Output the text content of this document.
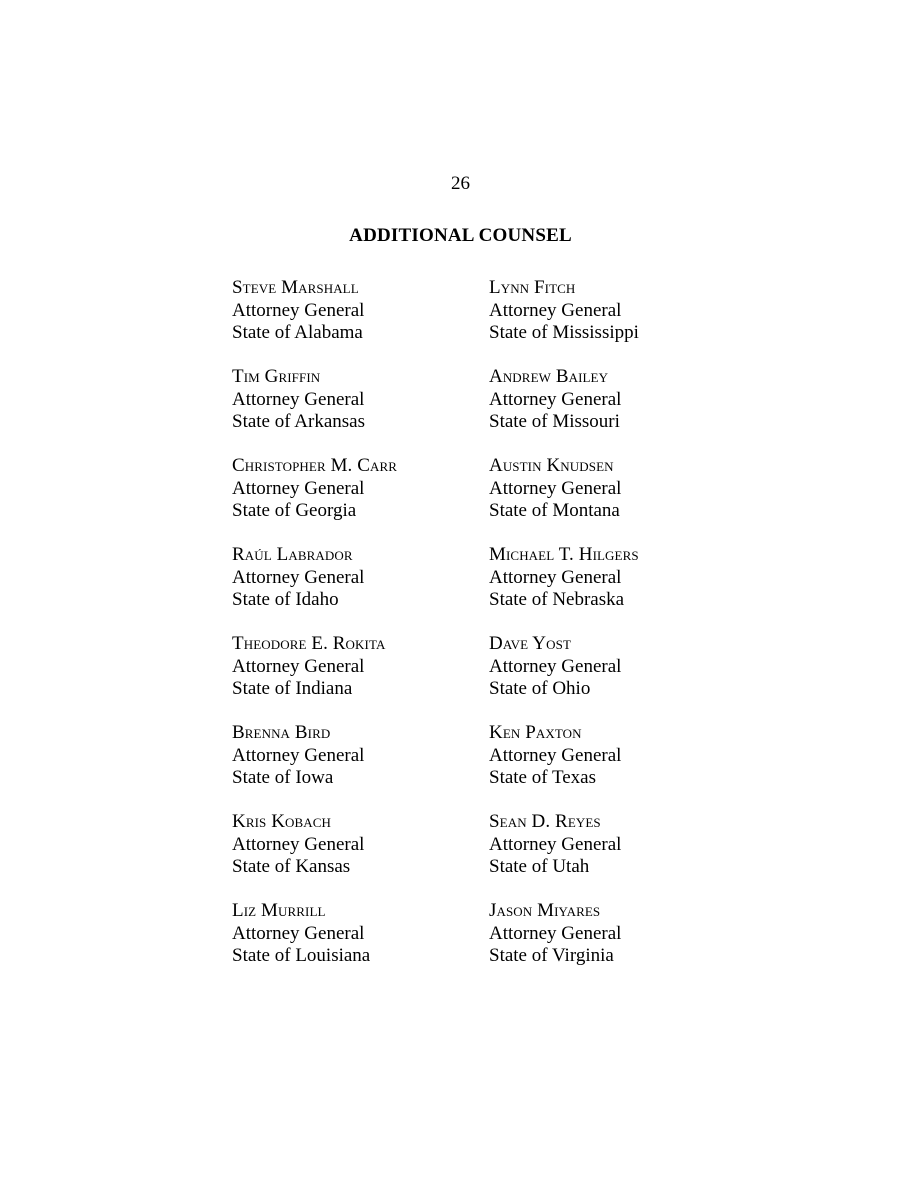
26
ADDITIONAL COUNSEL
Steve Marshall
Attorney General
State of Alabama
Tim Griffin
Attorney General
State of Arkansas
Christopher M. Carr
Attorney General
State of Georgia
Raúl Labrador
Attorney General
State of Idaho
Theodore E. Rokita
Attorney General
State of Indiana
Brenna Bird
Attorney General
State of Iowa
Kris Kobach
Attorney General
State of Kansas
Liz Murrill
Attorney General
State of Louisiana
Lynn Fitch
Attorney General
State of Mississippi
Andrew Bailey
Attorney General
State of Missouri
Austin Knudsen
Attorney General
State of Montana
Michael T. Hilgers
Attorney General
State of Nebraska
Dave Yost
Attorney General
State of Ohio
Ken Paxton
Attorney General
State of Texas
Sean D. Reyes
Attorney General
State of Utah
Jason Miyares
Attorney General
State of Virginia
